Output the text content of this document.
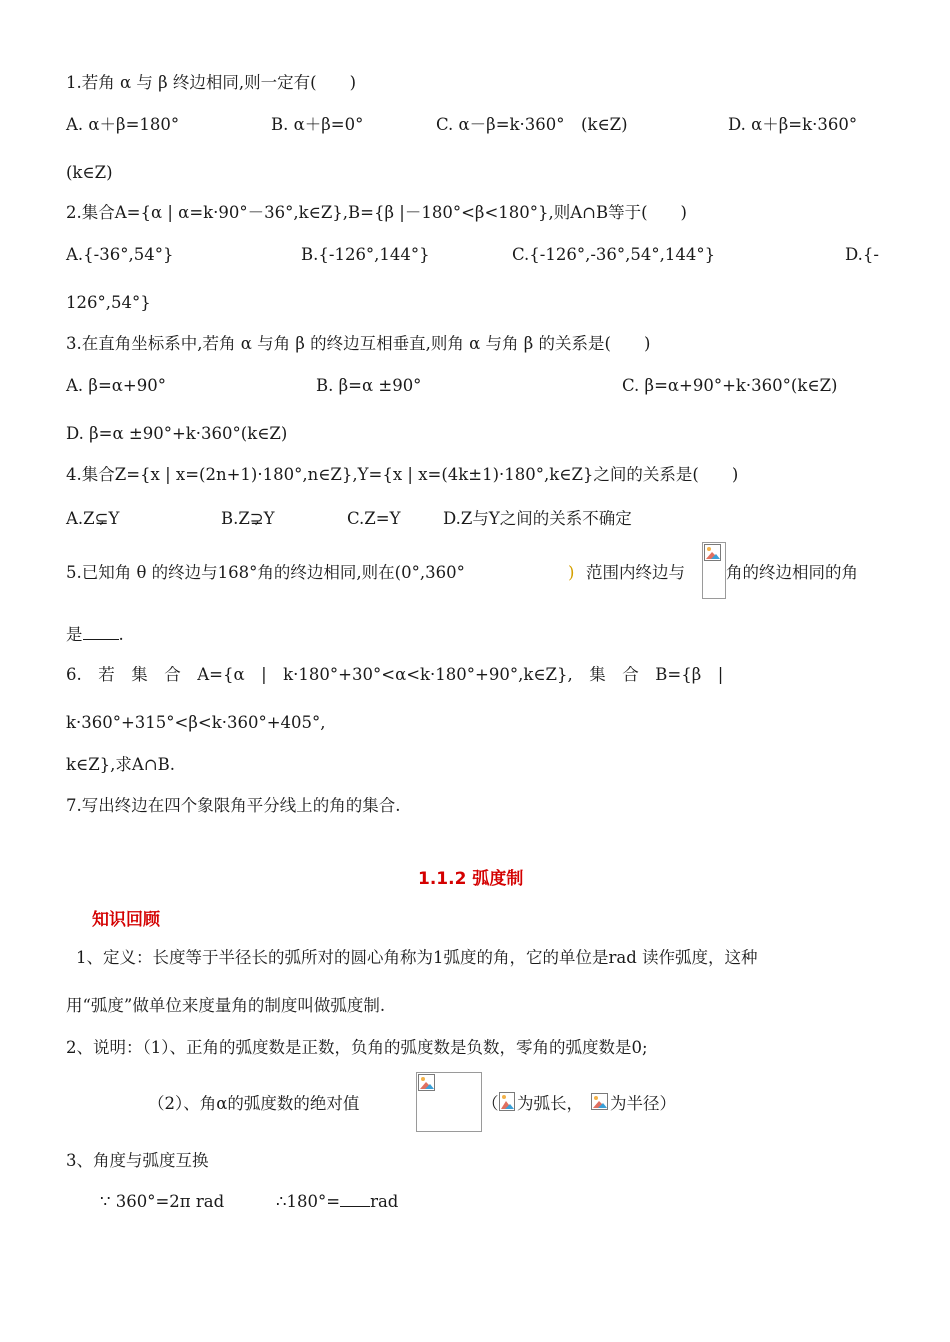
1.若角 α 与 β 终边相同,则一定有(　　)
A. α＋β=180°	B. α＋β=0°	C. α－β=k·360°　(k∈Z)	D. α＋β=k·360°
(k∈Z)
2.集合A={α | α=k·90°－36°,k∈Z},B={β |－180°<β<180°},则A∩B等于(　　)
A.{-36°,54°}	B.{-126°,144°}	C.{-126°,-36°,54°,144°}	D.{-
126°,54°}
3.在直角坐标系中,若角 α 与角 β 的终边互相垂直,则角 α 与角 β 的关系是(　　)
A. β=α+90°	B. β=α ±90°	C. β=α+90°+k·360°(k∈Z)
D. β=α ±90°+k·360°(k∈Z)
4.集合Z={x | x=(2n+1)·180°,n∈Z},Y={x | x=(4k±1)·180°,k∈Z}之间的关系是(　　)
A.Z⊊Y	B.Z⊋Y	C.Z=Y	D.Z与Y之间的关系不确定
5.已知角 θ 的终边与168°角的终边相同,则在(0°,360°	) 范围内终边与 角的终边相同的角
是 .
6.　若　集　合　A={α　|　k·180°+30°<α<k·180°+90°,k∈Z},　集　合　B={β　|
k·360°+315°<β<k·360°+405°,
k∈Z},求A∩B.
7.写出终边在四个象限角平分线上的角的集合.
1.1.2 弧度制
知识回顾
1、定义：长度等于半径长的弧所对的圆心角称为1弧度的角，它的单位是rad 读作弧度，这种
用“弧度”做单位来度量角的制度叫做弧度制.
2、说明：（1）、正角的弧度数是正数，负角的弧度数是负数，零角的弧度数是0;
（2）、角α的弧度数的绝对值	（ 为弧长， 为半径）
3、角度与弧度互换
∵ 360°=2π rad	∴180°= rad
